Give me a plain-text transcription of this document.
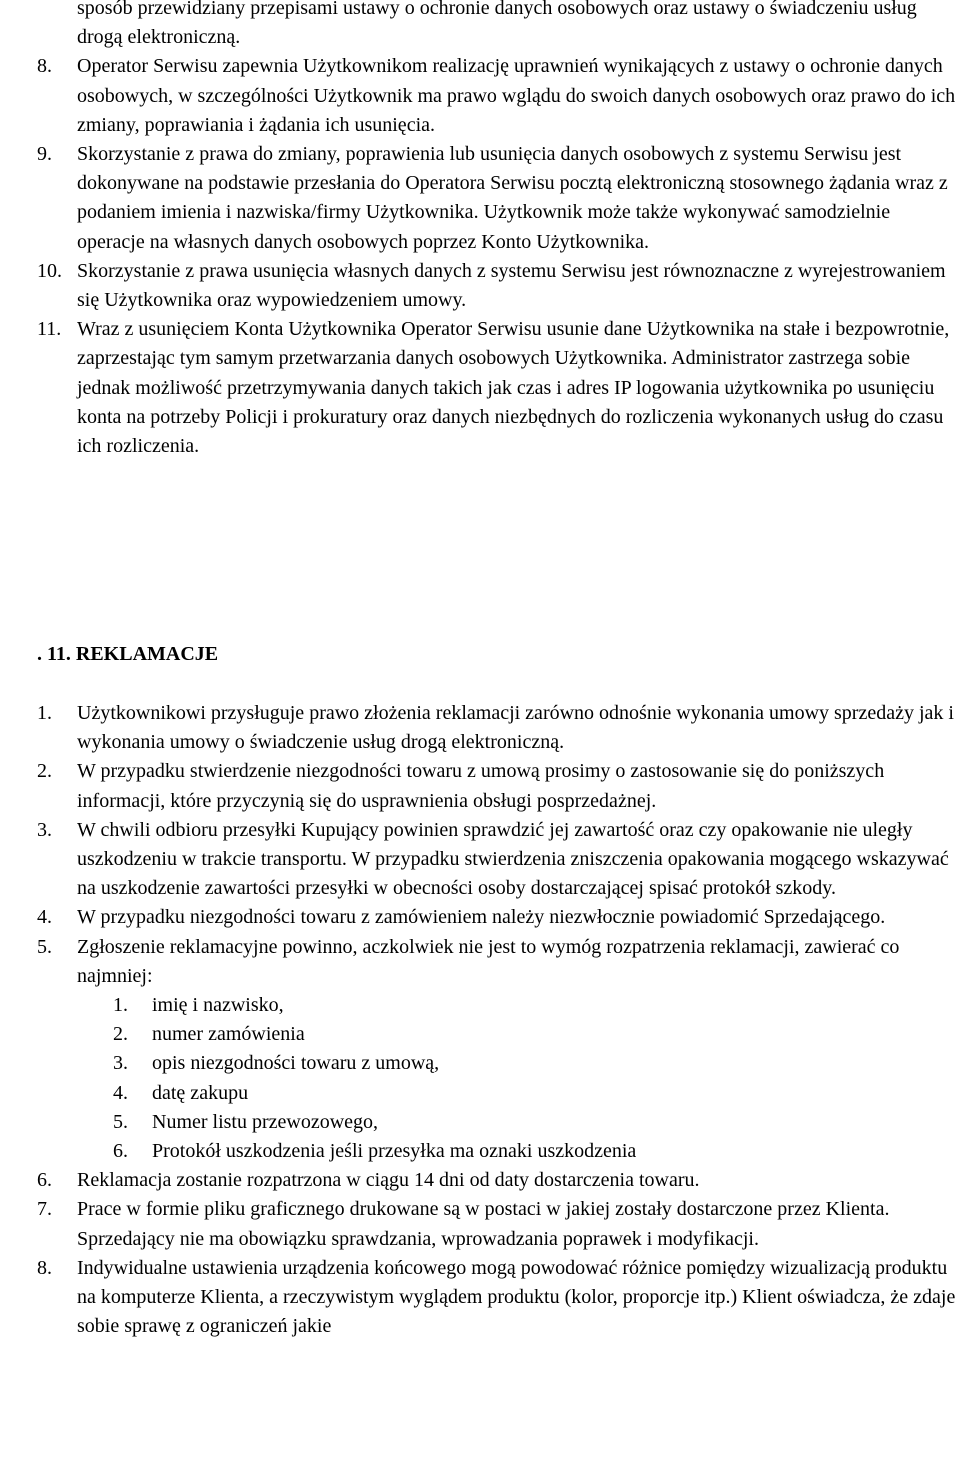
sposób przewidziany przepisami ustawy o ochronie danych osobowych oraz ustawy o świadczeniu usług drogą elektroniczną.
8. Operator Serwisu zapewnia Użytkownikom realizację uprawnień wynikających z ustawy o ochronie danych osobowych, w szczególności Użytkownik ma prawo wglądu do swoich danych osobowych oraz prawo do ich zmiany, poprawiania i żądania ich usunięcia.
9. Skorzystanie z prawa do zmiany, poprawienia lub usunięcia danych osobowych z systemu Serwisu jest dokonywane na podstawie przesłania do Operatora Serwisu pocztą elektroniczną stosownego żądania wraz z podaniem imienia i nazwiska/firmy Użytkownika. Użytkownik może także wykonywać samodzielnie operacje na własnych danych osobowych poprzez Konto Użytkownika.
10. Skorzystanie z prawa usunięcia własnych danych z systemu Serwisu jest równoznaczne z wyrejestrowaniem się Użytkownika oraz wypowiedzeniem umowy.
11. Wraz z usunięciem Konta Użytkownika Operator Serwisu usunie dane Użytkownika na stałe i bezpowrotnie, zaprzestając tym samym przetwarzania danych osobowych Użytkownika. Administrator zastrzega sobie jednak możliwość przetrzymywania danych takich jak czas i adres IP logowania użytkownika po usunięciu konta na potrzeby Policji i prokuratury oraz danych niezbędnych do rozliczenia wykonanych usług do czasu ich rozliczenia.
. 11. REKLAMACJE
1. Użytkownikowi przysługuje prawo złożenia reklamacji zarówno odnośnie wykonania umowy sprzedaży jak i wykonania umowy o świadczenie usług drogą elektroniczną.
2. W przypadku stwierdzenie niezgodności towaru z umową prosimy o zastosowanie się do poniższych informacji, które przyczynią się do usprawnienia obsługi posprzedażnej.
3. W chwili odbioru przesyłki Kupujący powinien sprawdzić jej zawartość oraz czy opakowanie nie uległy uszkodzeniu w trakcie transportu. W przypadku stwierdzenia zniszczenia opakowania mogącego wskazywać na uszkodzenie zawartości przesyłki w obecności osoby dostarczającej spisać protokół szkody.
4. W przypadku niezgodności towaru z zamówieniem należy niezwłocznie powiadomić Sprzedającego.
5. Zgłoszenie reklamacyjne powinno, aczkolwiek nie jest to wymóg rozpatrzenia reklamacji, zawierać co najmniej:
1. imię i nazwisko,
2. numer zamówienia
3. opis niezgodności towaru z umową,
4. datę zakupu
5. Numer listu przewozowego,
6. Protokół uszkodzenia jeśli przesyłka ma oznaki uszkodzenia
6. Reklamacja zostanie rozpatrzona w ciągu 14 dni od daty dostarczenia towaru.
7. Prace w formie pliku graficznego drukowane są w postaci w jakiej zostały dostarczone przez Klienta. Sprzedający nie ma obowiązku sprawdzania, wprowadzania poprawek i modyfikacji.
8. Indywidualne ustawienia urządzenia końcowego mogą powodować różnice pomiędzy wizualizacją produktu na komputerze Klienta, a rzeczywistym wyglądem produktu (kolor, proporcje itp.) Klient oświadcza, że zdaje sobie sprawę z ograniczeń jakie
